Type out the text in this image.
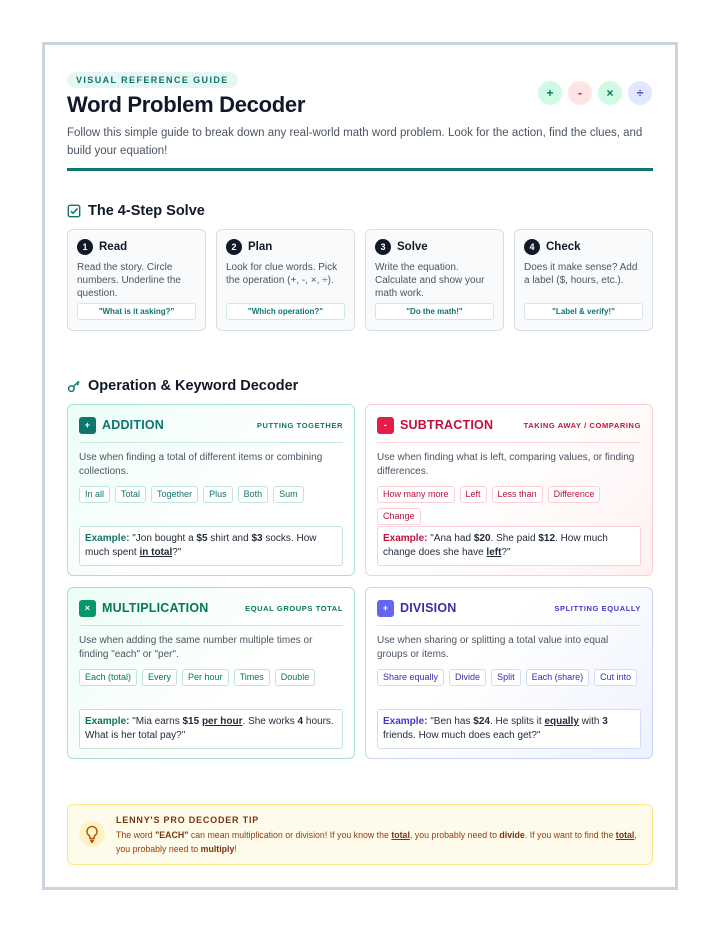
VISUAL REFERENCE GUIDE
Word Problem Decoder	+	-	×	÷
Follow this simple guide to break down any real-world math word problem. Look for the action, find the clues, and build your equation!
The 4-Step Solve
1	Read
Read the story. Circle numbers. Underline the question.
"What is it asking?"
2	Plan
Look for clue words. Pick the operation (+, -, ×, ÷).
"Which operation?"
3	Solve
Write the equation. Calculate and show your math work.
"Do the math!"
4	Check
Does it make sense? Add a label ($, hours, etc.).
"Label & verify!"
Operation & Keyword Decoder
+ ADDITION	PUTTING TOGETHER
Use when finding a total of different items or combining collections.
In all	Total	Together	Plus	Both	Sum
Example: "Jon bought a $5 shirt and $3 socks. How much spent in total?"
-	SUBTRACTION	TAKING AWAY / COMPARING
Use when finding what is left, comparing values, or finding differences.
How many more	Left	Less than	Difference
Change
Example: "Ana had $20. She paid $12. How much change does she have left?"
× MULTIPLICATION	EQUAL GROUPS TOTAL
Use when adding the same number multiple times or finding "each" or "per".
Each (total)	Every	Per hour	Times	Double
Example: "Mia earns $15 per hour. She works 4 hours. What is her total pay?"
+ DIVISION	SPLITTING EQUALLY
Use when sharing or splitting a total value into equal groups or items.
Share equally	Divide	Split	Each (share)	Cut into
Example: "Ben has $24. He splits it equally with 3 friends. How much does each get?"
LENNY'S PRO DECODER TIP
The word "EACH" can mean multiplication or division! If you know the total, you probably need to divide. If you want to find the total, you probably need to multiply!
